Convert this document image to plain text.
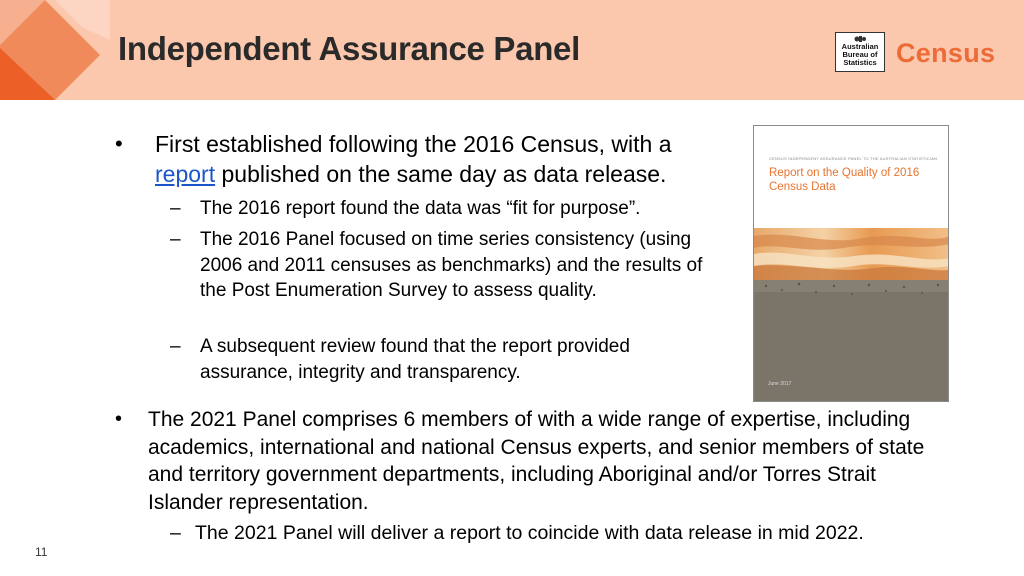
Independent Assurance Panel	Australian
Bureau of
Statistics Census
• First established following the 2016 Census, with a report published on the same day as data release.
– The 2016 report found the data was “fit for purpose”.
– The 2016 Panel focused on time series consistency (using 2006 and 2011 censuses as benchmarks) and the results of the Post Enumeration Survey to assess quality.
– A subsequent review found that the report provided assurance, integrity and transparency.
CENSUS INDEPENDENT ASSURANCE PANEL TO THE AUSTRALIAN STATISTICIAN
Report on the Quality of 2016 Census Data
June 2017
• The 2021 Panel comprises 6 members of with a wide range of expertise, including academics, international and national Census experts, and senior members of state and territory government departments, including Aboriginal and/or Torres Strait Islander representation.
– The 2021 Panel will deliver a report to coincide with data release in mid 2022.
11
